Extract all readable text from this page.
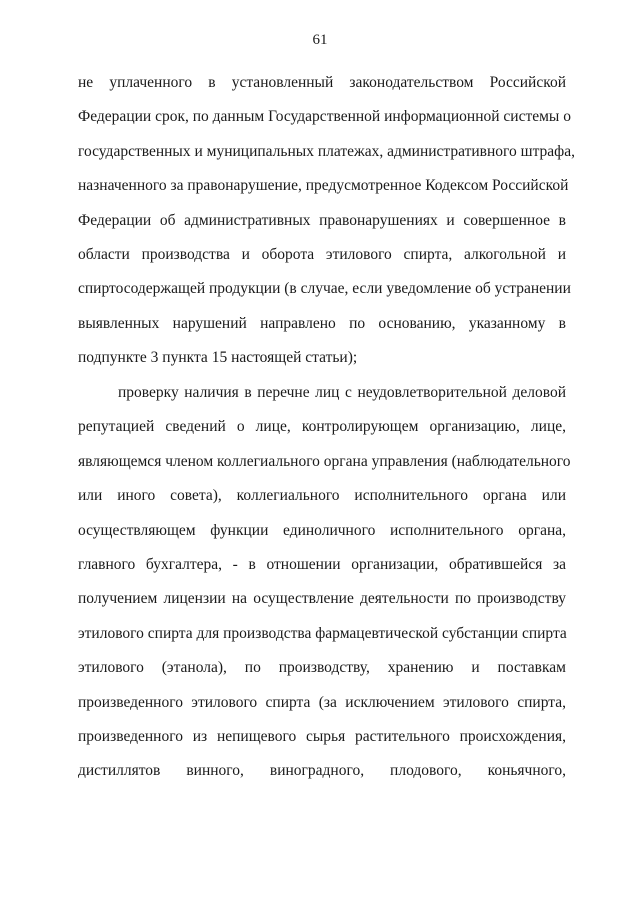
61
не уплаченного в установленный законодательством Российской
Федерации срок, по данным Государственной информационной системы о
государственных и муниципальных платежах, административного штрафа,
назначенного за правонарушение, предусмотренное Кодексом Российской
Федерации об административных правонарушениях и совершенное в
области производства и оборота этилового спирта, алкогольной и
спиртосодержащей продукции (в случае, если уведомление об устранении
выявленных нарушений направлено по основанию, указанному в
подпункте 3 пункта 15 настоящей статьи);
проверку наличия в перечне лиц с неудовлетворительной деловой
репутацией сведений о лице, контролирующем организацию, лице,
являющемся членом коллегиального органа управления (наблюдательного
или иного совета), коллегиального исполнительного органа или
осуществляющем функции единоличного исполнительного органа,
главного бухгалтера, - в отношении организации, обратившейся за
получением лицензии на осуществление деятельности по производству
этилового спирта для производства фармацевтической субстанции спирта
этилового (этанола), по производству, хранению и поставкам
произведенного этилового спирта (за исключением этилового спирта,
произведенного из непищевого сырья растительного происхождения,
дистиллятов винного, виноградного, плодового, коньячного,
